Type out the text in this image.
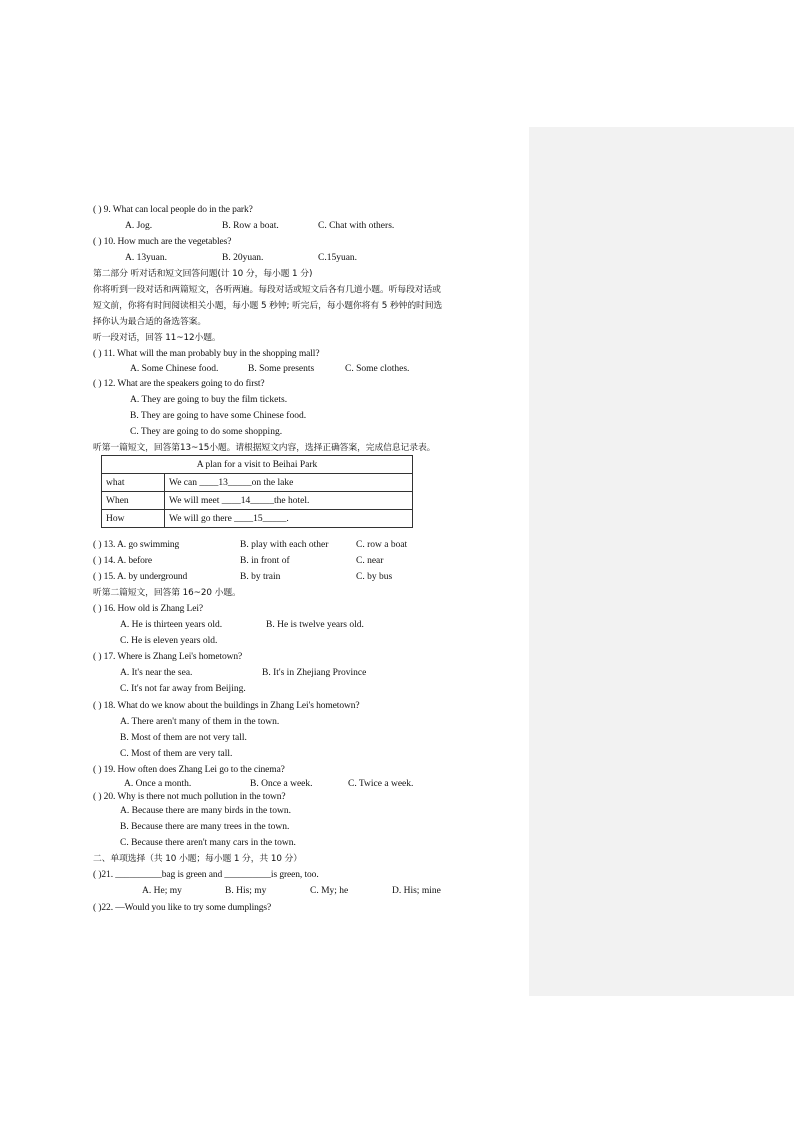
( ) 9. What can local people do in the park?
A. Jog.	B. Row a boat.	C. Chat with others.
( ) 10. How much are the vegetables?
A. 13yuan.	B. 20yuan.	C.15yuan.
第二部分 听对话和短文回答问题(计 10 分，每小题 1 分)
你将听到一段对话和两篇短文，各听两遍。每段对话或短文后各有几道小题。听每段对话或
短文前，你将有时间阅读相关小题，每小题 5 秒钟; 听完后，每小题你将有 5 秒钟的时间选
择你认为最合适的备选答案。
听一段对话，回答 11~12小题。
( ) 11. What will the man probably buy in the shopping mall?
A. Some Chinese food.	B. Some presents	C. Some clothes.
( ) 12. What are the speakers going to do first?
A. They are going to buy the film tickets.
B. They are going to have some Chinese food.
C. They are going to do some shopping.
听第一篇短文，回答第13~15小题。请根据短文内容，选择正确答案，完成信息记录表。
A plan for a visit to Beihai Park	
what	We can ____13_____on the lake
When	We will meet ____14_____the hotel.
How	We will go there ____15_____.
( ) 13. A. go swimming	B. play with each other	C. row a boat
( ) 14. A. before	B. in front of	C. near
( ) 15. A. by underground	B. by train	C. by bus
听第二篇短文，回答第 16~20 小题。
( ) 16. How old is Zhang Lei?
A. He is thirteen years old.	B. He is twelve years old.
C. He is eleven years old.
( ) 17. Where is Zhang Lei's hometown?
A. It's near the sea.	B. It's in Zhejiang Province
C. It's not far away from Beijing.
( ) 18. What do we know about the buildings in Zhang Lei's hometown?
A. There aren't many of them in the town.
B. Most of them are not very tall.
C. Most of them are very tall.
( ) 19. How often does Zhang Lei go to the cinema?
A. Once a month.	B. Once a week.	C. Twice a week.
( ) 20. Why is there not much pollution in the town?
A. Because there are many birds in the town.
B. Because there are many trees in the town.
C. Because there aren't many cars in the town.
二、单项选择（共 10 小题；每小题 1 分，共 10 分）
( )21. __________bag is green and __________is green, too.
A. He; my	B. His; my	C. My; he	D. His; mine
( )22. —Would you like to try some dumplings?
